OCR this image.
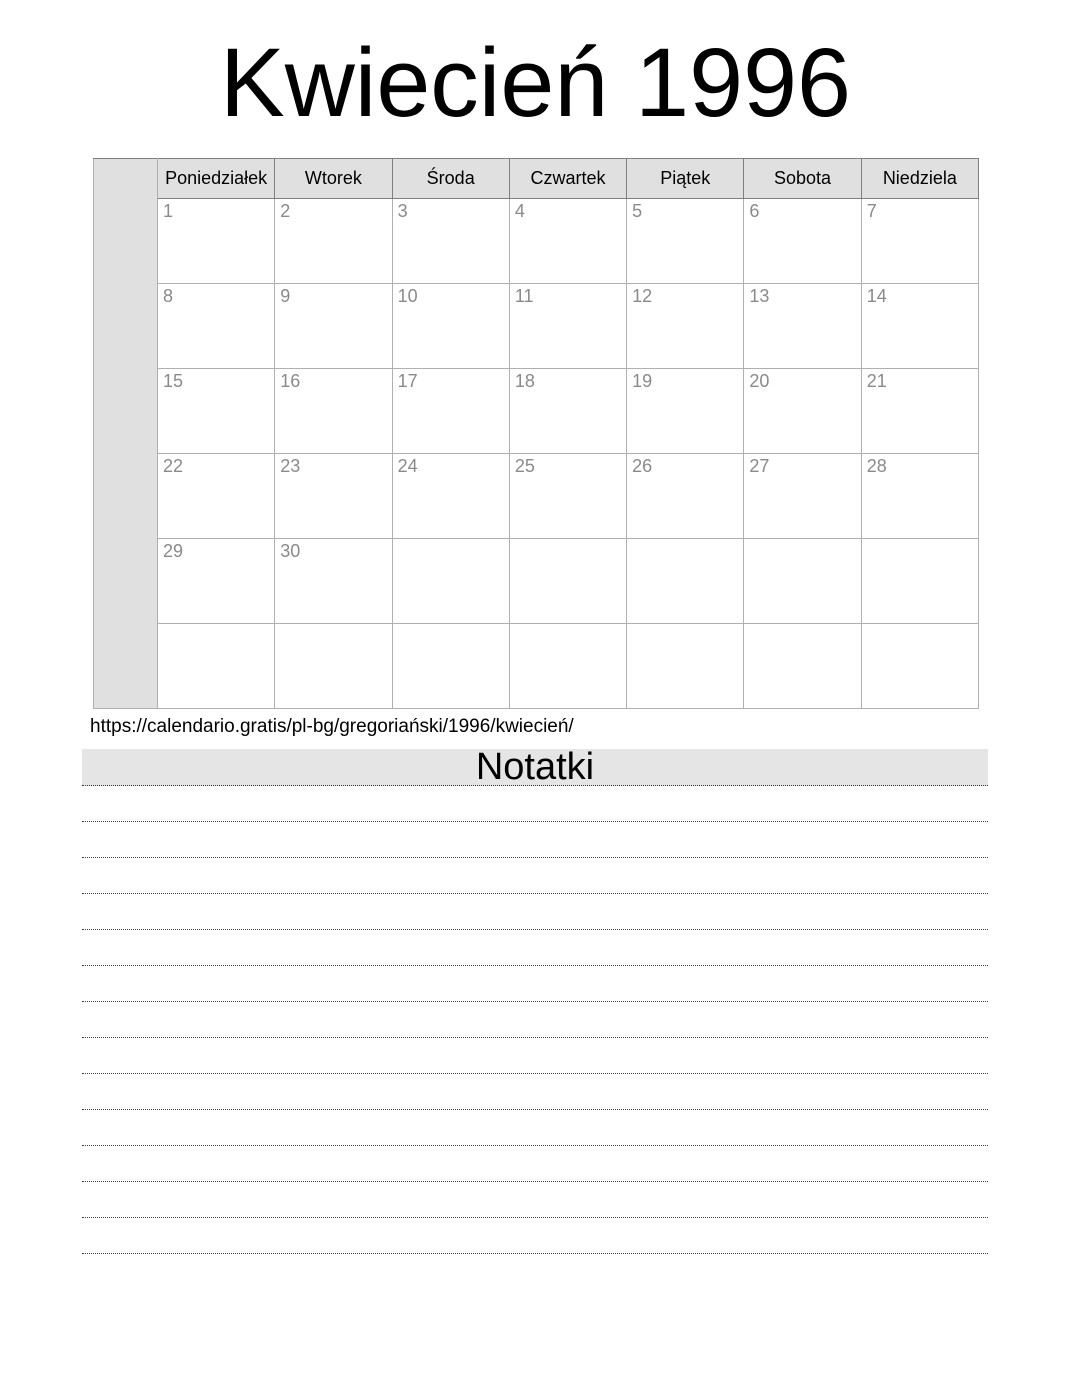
Kwiecień 1996
	Poniedziałek	Wtorek	Środa	Czwartek	Piątek	Sobota	Niedziela
	1	2	3	4	5	6	7
	8	9	10	11	12	13	14
	15	16	17	18	19	20	21
	22	23	24	25	26	27	28
	29	30					

https://calendario.gratis/pl-bg/gregoriański/1996/kwiecień/
Notatki
